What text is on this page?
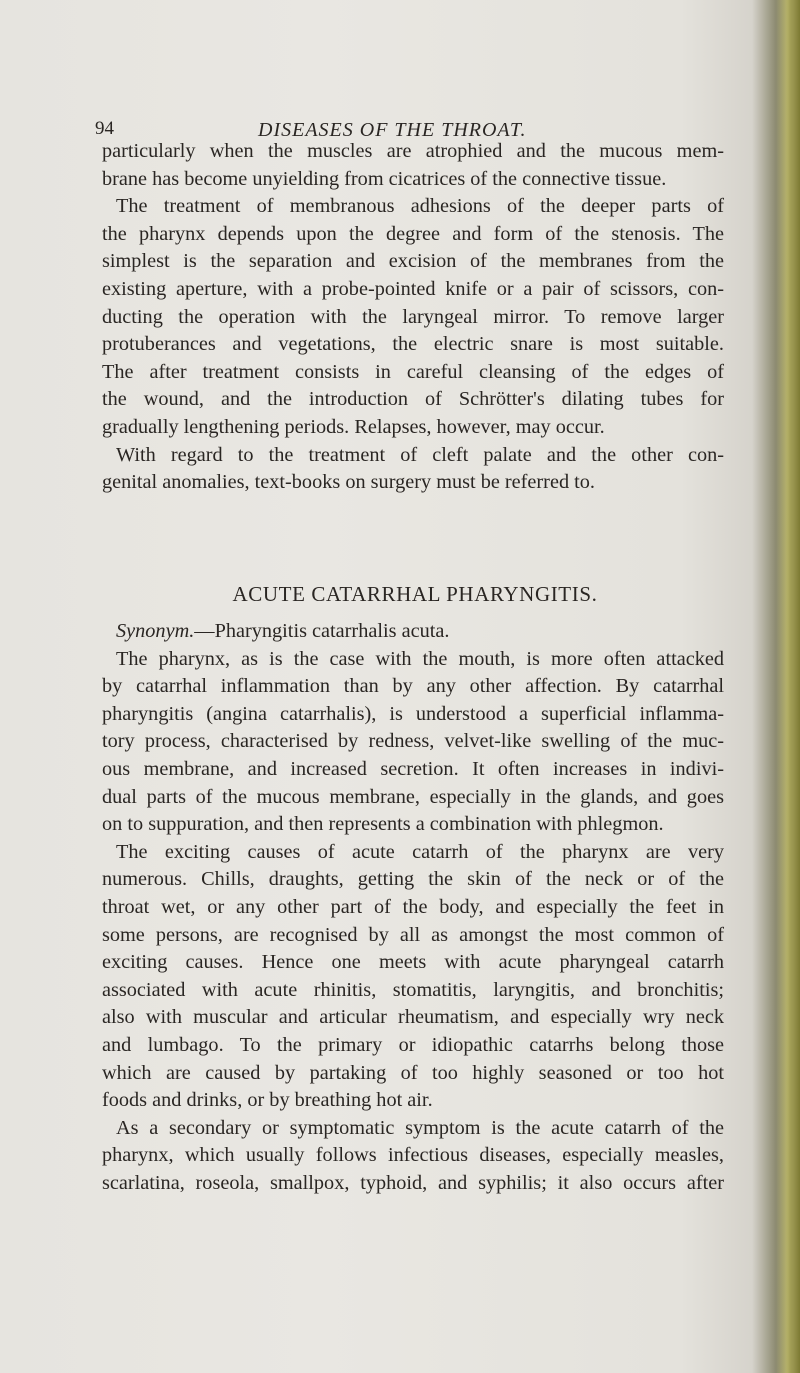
94	DISEASES OF THE THROAT.
particularly when the muscles are atrophied and the mucous mem-
brane has become unyielding from cicatrices of the connective tissue.
The treatment of membranous adhesions of the deeper parts of
the pharynx depends upon the degree and form of the stenosis. The
simplest is the separation and excision of the membranes from the
existing aperture, with a probe-pointed knife or a pair of scissors, con-
ducting the operation with the laryngeal mirror. To remove larger
protuberances and vegetations, the electric snare is most suitable.
The after treatment consists in careful cleansing of the edges of
the wound, and the introduction of Schrötter's dilating tubes for
gradually lengthening periods. Relapses, however, may occur.
With regard to the treatment of cleft palate and the other con-
genital anomalies, text-books on surgery must be referred to.
ACUTE CATARRHAL PHARYNGITIS.
Synonym.—Pharyngitis catarrhalis acuta.
The pharynx, as is the case with the mouth, is more often attacked
by catarrhal inflammation than by any other affection. By catarrhal
pharyngitis (angina catarrhalis), is understood a superficial inflamma-
tory process, characterised by redness, velvet-like swelling of the muc-
ous membrane, and increased secretion. It often increases in indivi-
dual parts of the mucous membrane, especially in the glands, and goes
on to suppuration, and then represents a combination with phlegmon.
The exciting causes of acute catarrh of the pharynx are very
numerous. Chills, draughts, getting the skin of the neck or of the
throat wet, or any other part of the body, and especially the feet in
some persons, are recognised by all as amongst the most common of
exciting causes. Hence one meets with acute pharyngeal catarrh
associated with acute rhinitis, stomatitis, laryngitis, and bronchitis;
also with muscular and articular rheumatism, and especially wry neck
and lumbago. To the primary or idiopathic catarrhs belong those
which are caused by partaking of too highly seasoned or too hot
foods and drinks, or by breathing hot air.
As a secondary or symptomatic symptom is the acute catarrh of the
pharynx, which usually follows infectious diseases, especially measles,
scarlatina, roseola, smallpox, typhoid, and syphilis; it also occurs after
